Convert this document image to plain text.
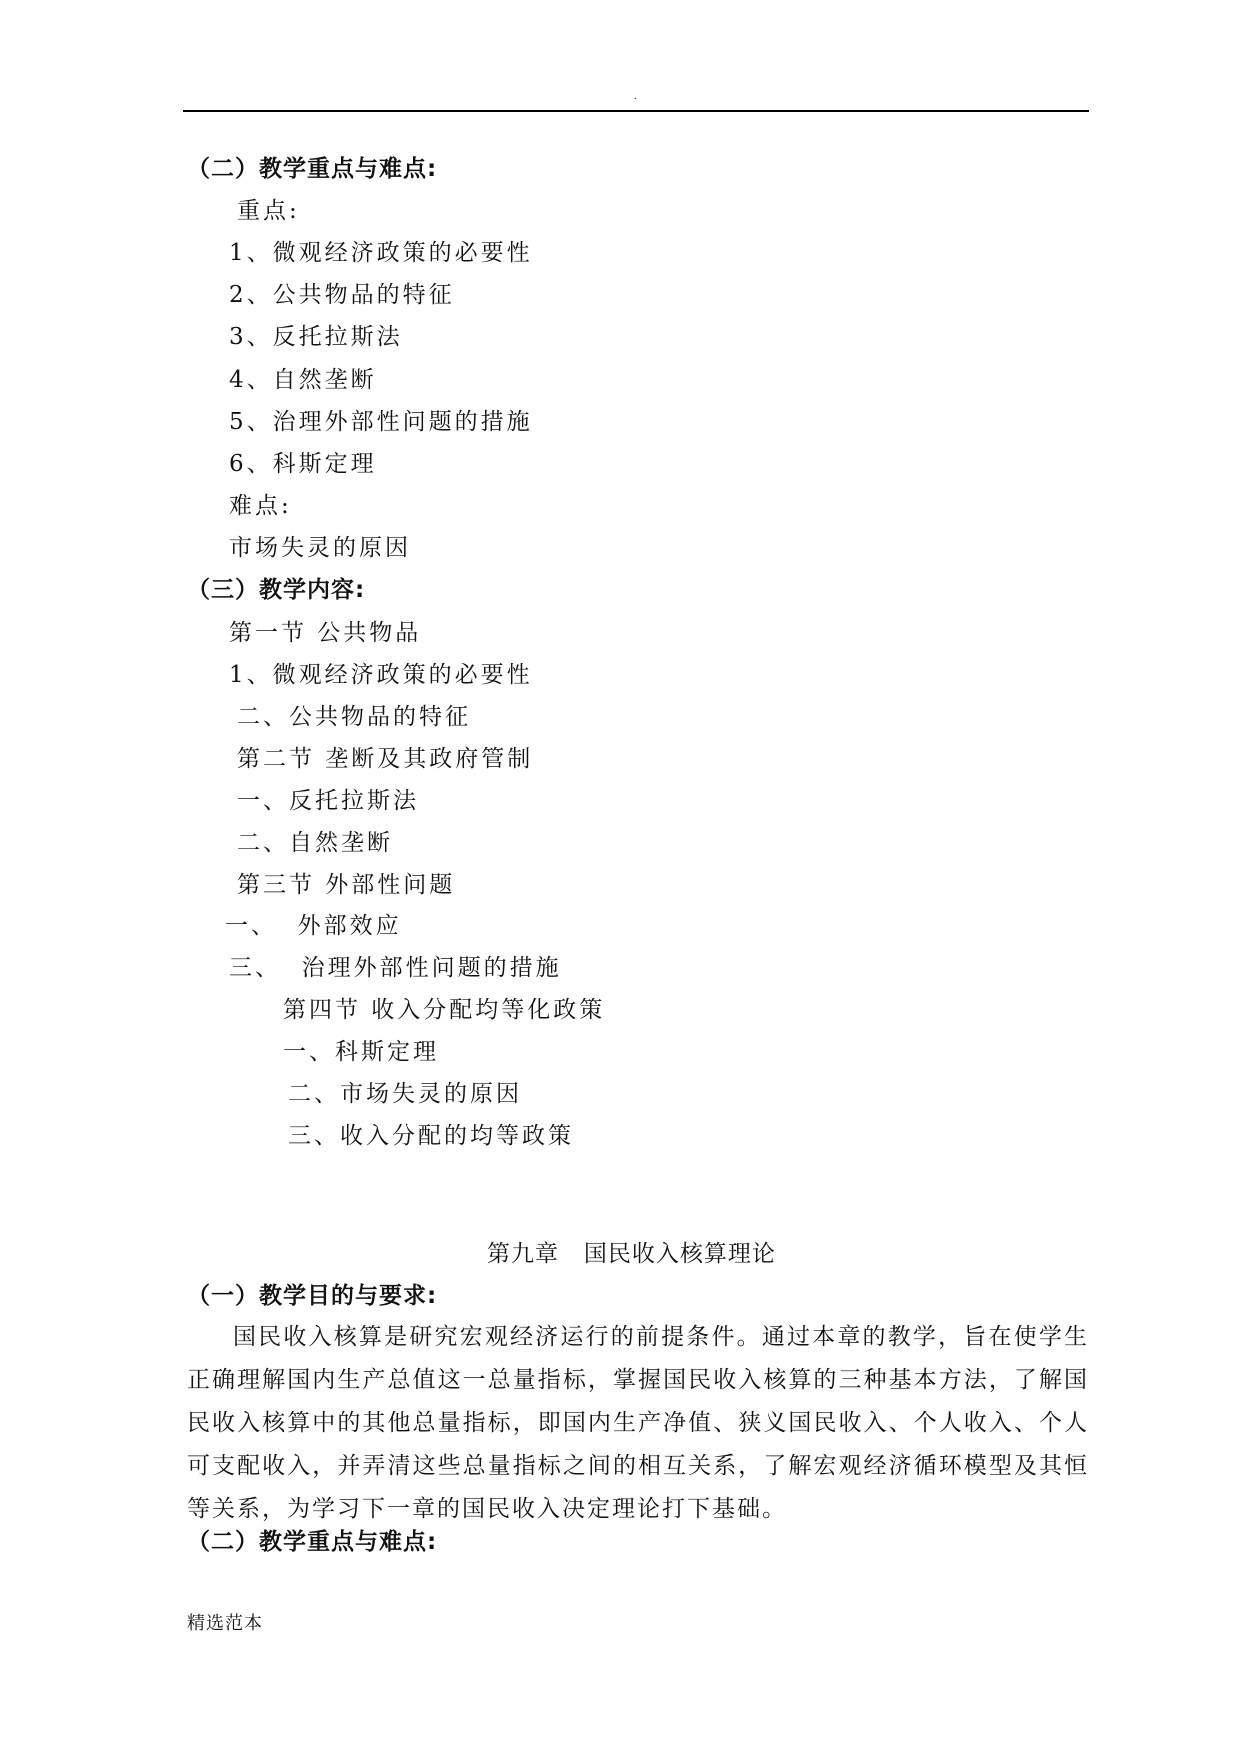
.
（二）教学重点与难点:
重点:
1、微观经济政策的必要性
2、公共物品的特征
3、反托拉斯法
4、自然垄断
5、治理外部性问题的措施
6、科斯定理
难点:
市场失灵的原因
（三）教学内容:
第一节 公共物品
1、微观经济政策的必要性
二、公共物品的特征
第二节 垄断及其政府管制
一、反托拉斯法
二、自然垄断
第三节 外部性问题
一、  外部效应
三、  治理外部性问题的措施
第四节 收入分配均等化政策
一、科斯定理
二、市场失灵的原因
三、收入分配的均等政策
第九章   国民收入核算理论
（一）教学目的与要求:

国民收入核算是研究宏观经济运行的前提条件。通过本章的教学，旨在使学生正确理解国内生产总值这一总量指标，掌握国民收入核算的三种基本方法，了解国民收入核算中的其他总量指标，即国内生产净值、狭义国民收入、个人收入、个人可支配收入，并弄清这些总量指标之间的相互关系，了解宏观经济循环模型及其恒等关系，为学习下一章的国民收入决定理论打下基础。

（二）教学重点与难点:
精选范本
